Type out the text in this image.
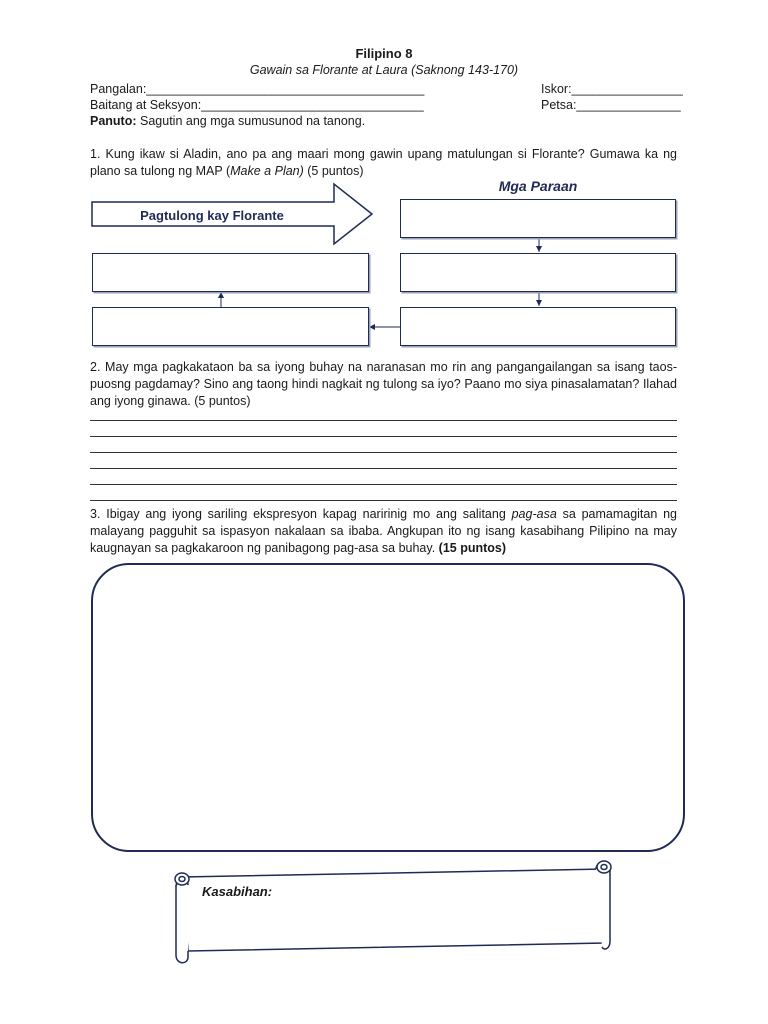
Filipino 8
Gawain sa Florante at Laura (Saknong 143-170)
Pangalan:________________________________________	Iskor:________________
Baitang at Seksyon:________________________________	Petsa:_______________
Panuto: Sagutin ang mga sumusunod na tanong.
1. Kung ikaw si Aladin, ano pa ang maari mong gawin upang matulungan si Florante? Gumawa ka ng plano sa tulong ng MAP (Make a Plan) (5 puntos)
Pagtulong kay Florante
Mga Paraan
2. May mga pagkakataon ba sa iyong buhay na naranasan mo rin ang pangangailangan sa isang taos-puosng pagdamay? Sino ang taong hindi nagkait ng tulong sa iyo? Paano mo siya pinasalamatan? Ilahad ang iyong ginawa. (5 puntos)
3. Ibigay ang iyong sariling ekspresyon kapag naririnig mo ang salitang pag-asa sa pamamagitan ng malayang pagguhit sa ispasyon nakalaan sa ibaba. Angkupan ito ng isang kasabihang Pilipino na may kaugnayan sa pagkakaroon ng panibagong pag-asa sa buhay. (15 puntos)
Kasabihan:
